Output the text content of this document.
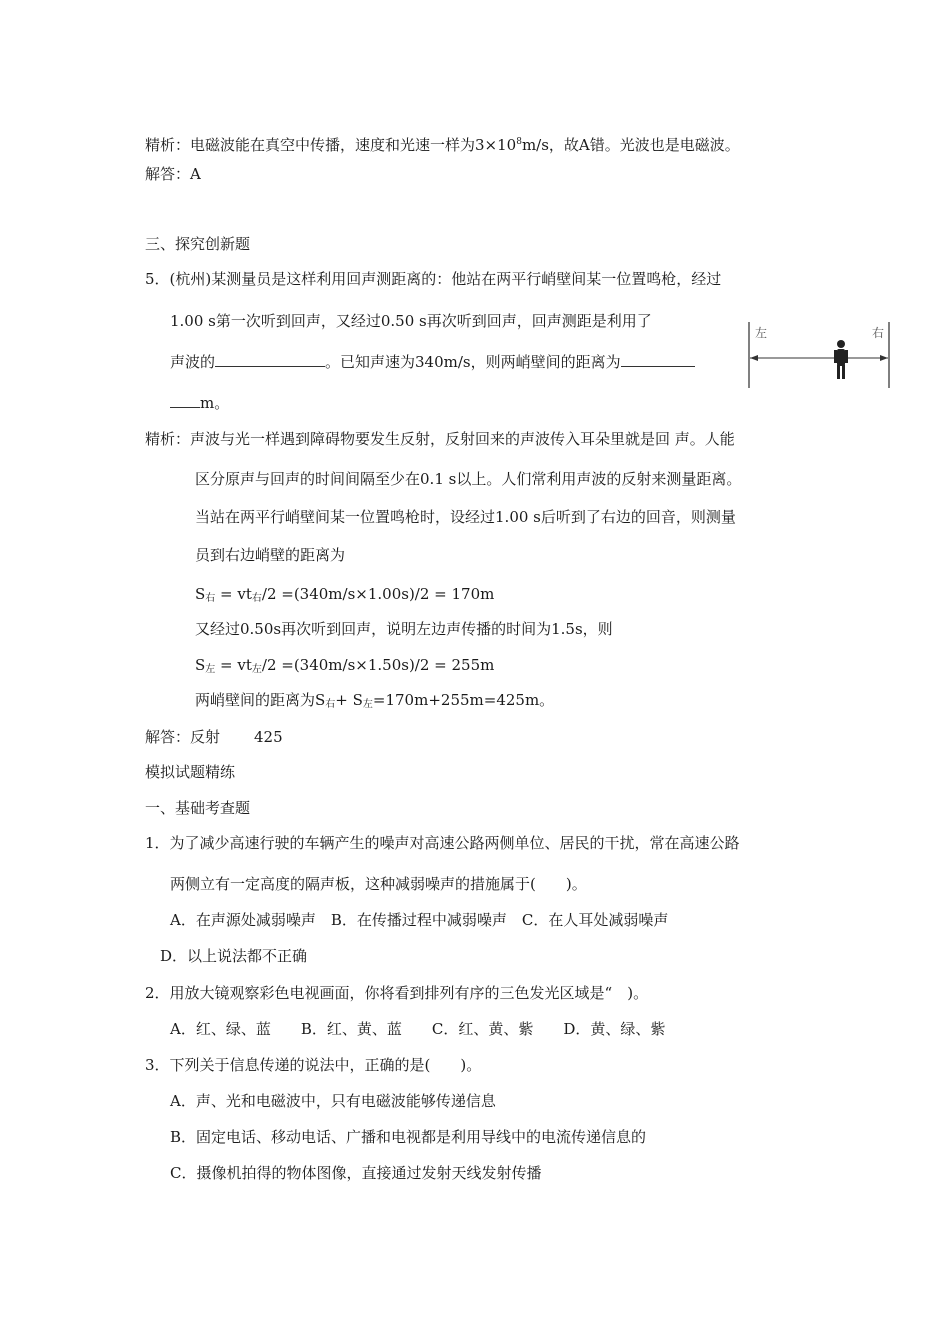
精析：电磁波能在真空中传播，速度和光速一样为$3\times 10^8m/s$，故A错。光波也是电磁波。
解答：A
三、探究创新题
5．(杭州)某测量员是这样利用回声测距离的：他站在两平行峭壁间某一位置鸣枪，经过
1.00 s第一次听到回声，又经过0.50 s再次听到回声，回声测距是利用了
声波的	。已知声速为340m/s，则两峭壁间的距离为
m。
左	右
精析：声波与光一样遇到障碍物要发生反射，反射回来的声波传入耳朵里就是回 声。人能
区分原声与回声的时间间隔至少在0.1 s以上。人们常利用声波的反射来测量距离。
当站在两平行峭壁间某一位置鸣枪时，设经过1.00 s后听到了右边的回音，则测量
员到右边峭壁的距离为
$S_右 = vt_右/2 =(340m/s\times 1.00s)/2 = 170m$
又经过0.50s再次听到回声，说明左边声传播的时间为1.5s，则
$S_左 = vt_左/2 =(340m/s\times 1.50s)/2 = 255m$
两峭壁间的距离为$S_右+ S_左=170m+255m=425m$。
解答：反射 425
模拟试题精练
一、基础考查题
1．为了减少高速行驶的车辆产生的噪声对高速公路两侧单位、居民的干扰，常在高速公路
两侧立有一定高度的隔声板，这种减弱噪声的措施属于(　　)。
A．在声源处减弱噪声　B．在传播过程中减弱噪声　C．在人耳处减弱噪声
D．以上说法都不正确
2．用放大镜观察彩色电视画面，你将看到排列有序的三色发光区域是“　)。
A．红、绿、蓝　　B．红、黄、蓝　　C．红、黄、紫　　D．黄、绿、紫
3．下列关于信息传递的说法中，正确的是(　　)。
A．声、光和电磁波中，只有电磁波能够传递信息
B．固定电话、移动电话、广播和电视都是利用导线中的电流传递信息的
C．摄像机拍得的物体图像，直接通过发射天线发射传播
